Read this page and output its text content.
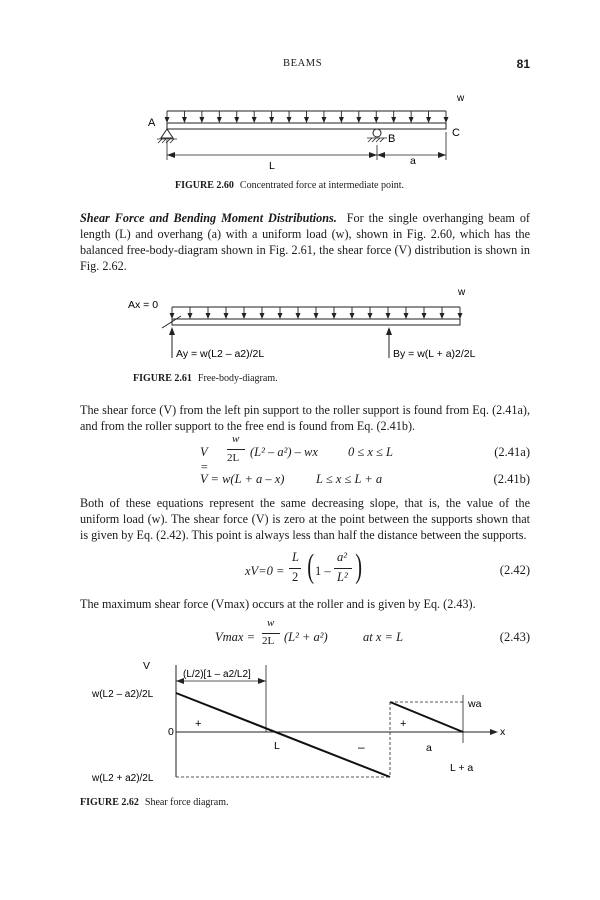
BEAMS	81
w
A
B	C
L	a
FIGURE 2.60 Concentrated force at intermediate point.
Shear Force and Bending Moment Distributions. For the single overhanging beam of length (L) and overhang (a) with a uniform load (w), shown in Fig. 2.60, which has the balanced free-body-diagram shown in Fig. 2.61, the shear force (V) distribution is shown in Fig. 2.62.
w
Ax = 0
Ay = w(L2 – a2)/2L	By = w(L + a)2/2L
FIGURE 2.61 Free-body-diagram.
The shear force (V) from the left pin support to the roller support is found from Eq. (2.41a), and from the roller support to the free end is found from Eq. (2.41b).
V =
w
2L (L² – a²) – wx 0 ≤ x ≤ L	(2.41a)
V = w(L + a – x)	L ≤ x ≤ L + a	(2.41b)
Both of these equations represent the same decreasing slope, that is, the value of the uniform load (w). The shear force (V) is zero at the point between the supports shown that is given by Eq. (2.42). This point is always less than half the distance between the supports.
xV=0 =
L
2 ( 1 –
a²
L² )	(2.42)
The maximum shear force (Vmax) occurs at the roller and is given by Eq. (2.43).
Vmax =
w
2L (L² + a²)	at x = L	(2.43)
V
x
(L/2)[1 – a2/L2]
wa
w(L2 – a2)/2L
0
w(L2 + a2)/2L
+
L	–
+
a
L + a
FIGURE 2.62 Shear force diagram.
